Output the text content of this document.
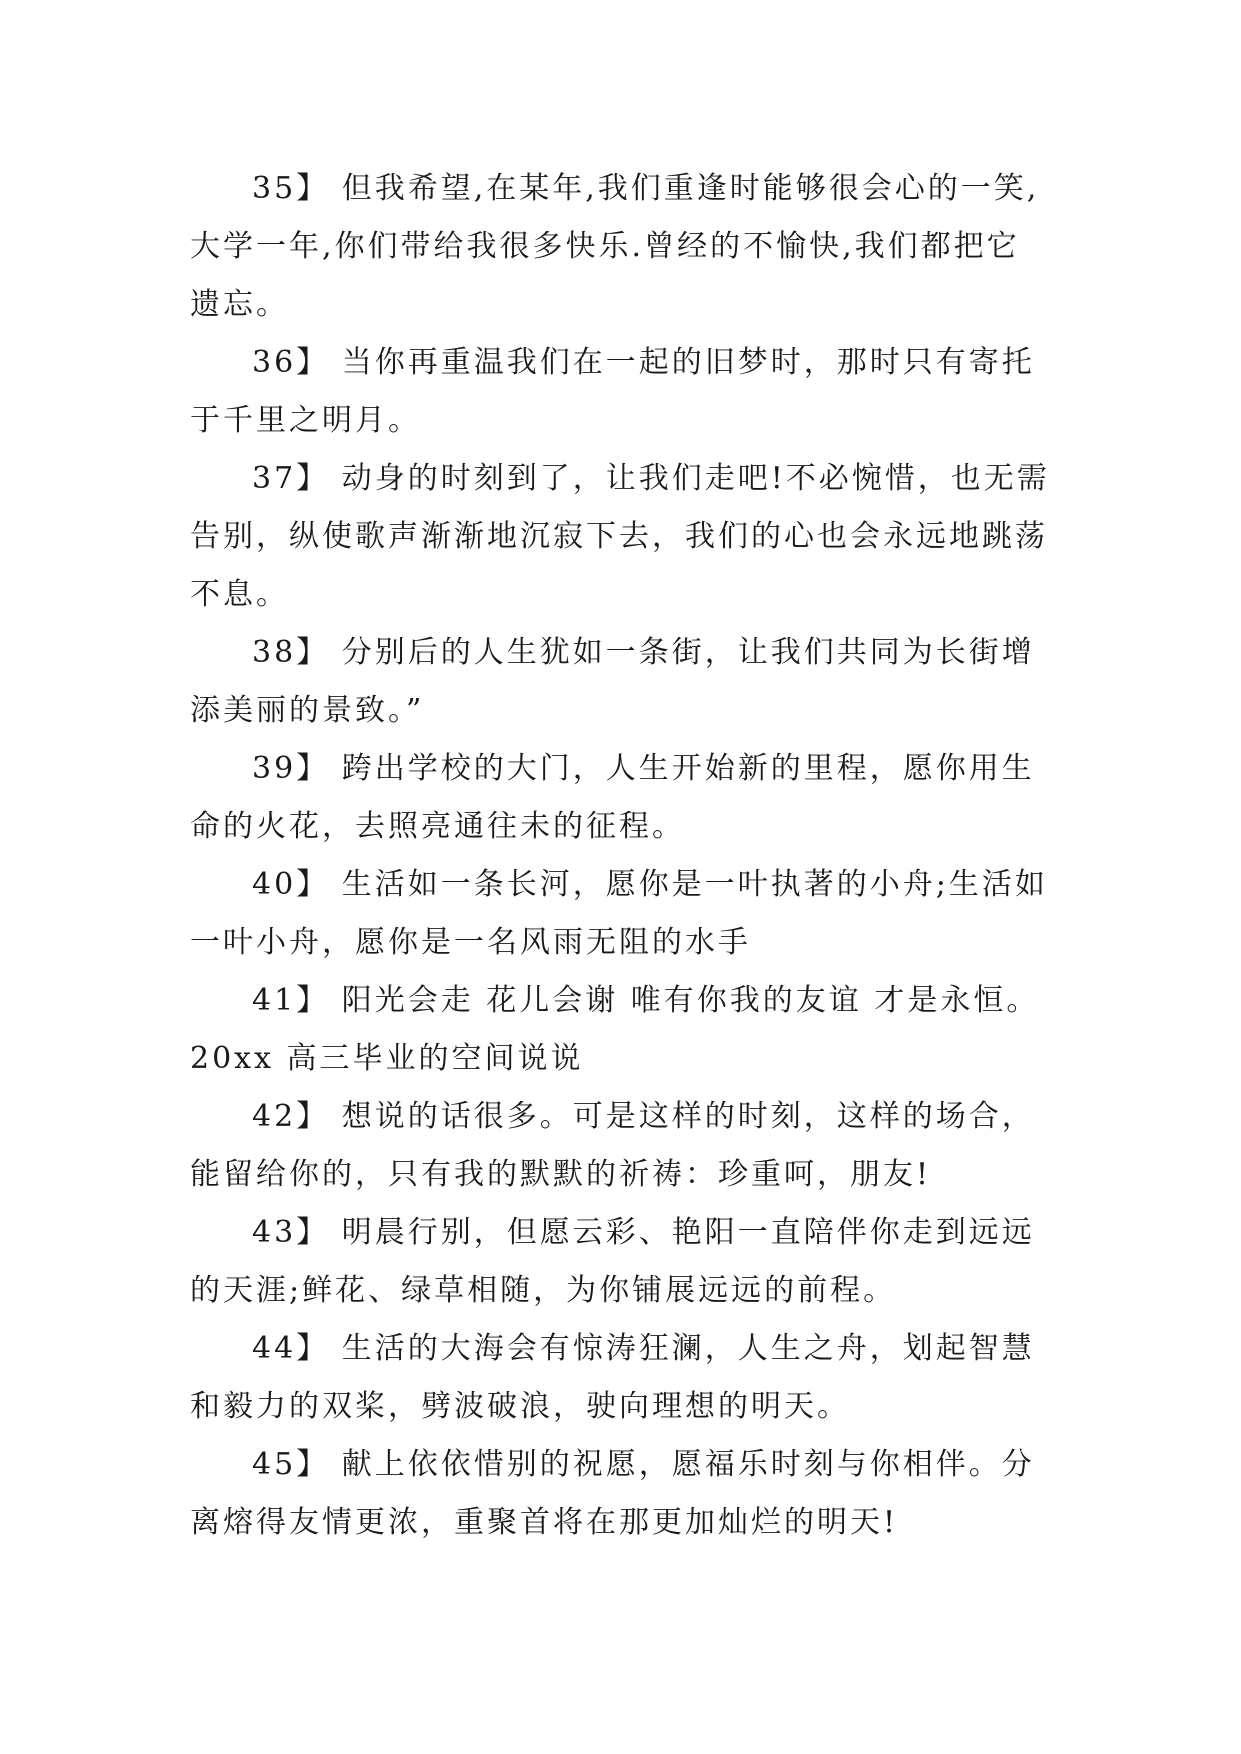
35】 但我希望,在某年,我们重逢时能够很会心的一笑,
大学一年,你们带给我很多快乐.曾经的不愉快,我们都把它
遗忘。
36】 当你再重温我们在一起的旧梦时，那时只有寄托
于千里之明月。
37】 动身的时刻到了，让我们走吧!不必惋惜，也无需
告别，纵使歌声渐渐地沉寂下去，我们的心也会永远地跳荡
不息。
38】 分别后的人生犹如一条街，让我们共同为长街增
添美丽的景致。”
39】 跨出学校的大门，人生开始新的里程，愿你用生
命的火花，去照亮通往未的征程。
40】 生活如一条长河，愿你是一叶执著的小舟;生活如
一叶小舟，愿你是一名风雨无阻的水手
41】 阳光会走 花儿会谢 唯有你我的友谊 才是永恒。
20xx 高三毕业的空间说说
42】 想说的话很多。可是这样的时刻，这样的场合，
能留给你的，只有我的默默的祈祷：珍重呵，朋友!
43】 明晨行别，但愿云彩、艳阳一直陪伴你走到远远
的天涯;鲜花、绿草相随，为你铺展远远的前程。
44】 生活的大海会有惊涛狂澜，人生之舟，划起智慧
和毅力的双桨，劈波破浪，驶向理想的明天。
45】 献上依依惜别的祝愿，愿福乐时刻与你相伴。分
离熔得友情更浓，重聚首将在那更加灿烂的明天!
